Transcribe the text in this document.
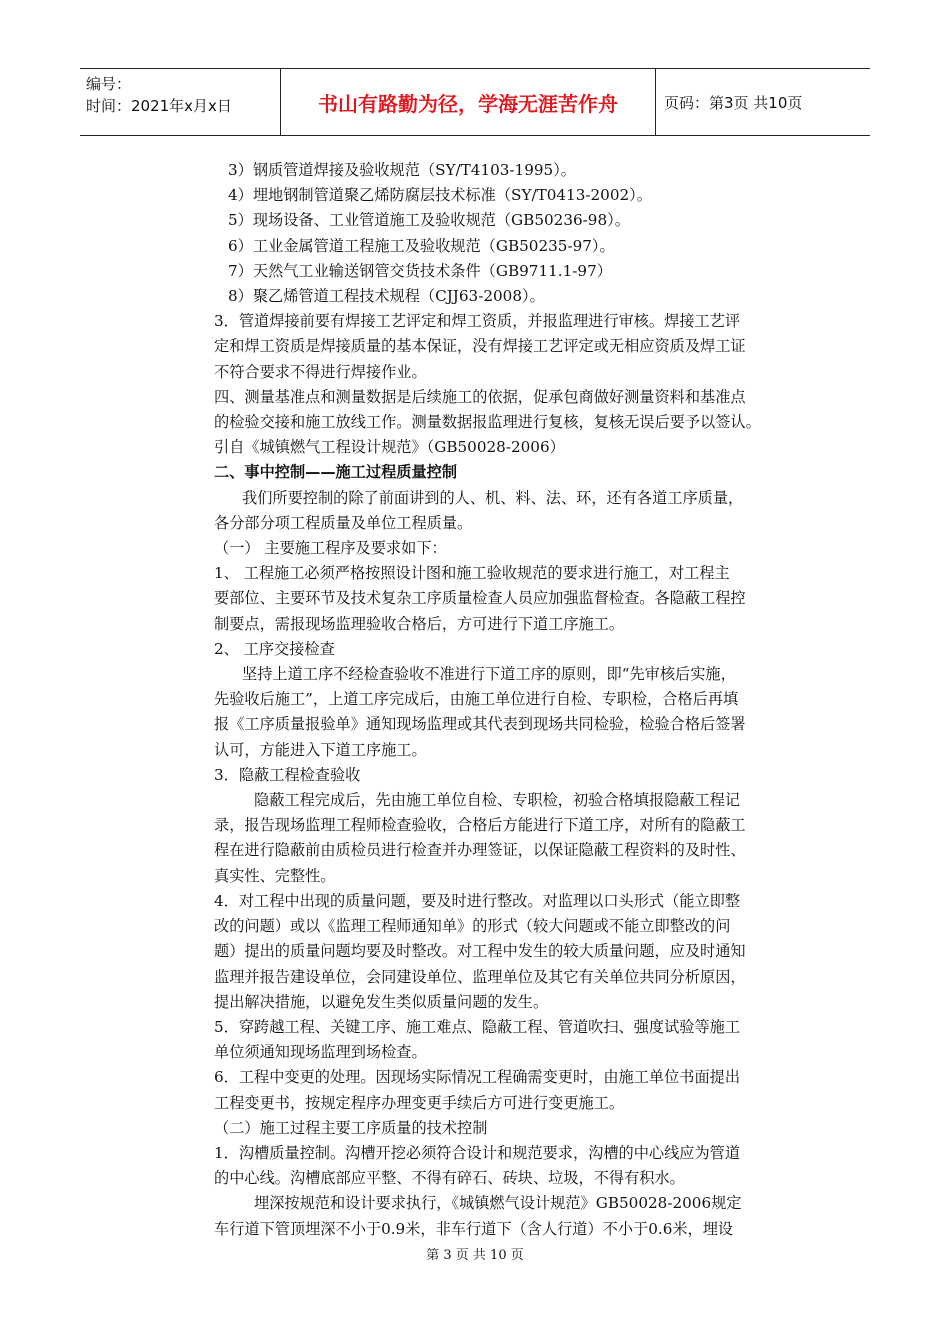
编号：
时间：2021年x月x日	书山有路勤为径，学海无涯苦作舟	页码：第3页 共10页

3）钢质管道焊接及验收规范（SY/T4103-1995）。

4）埋地钢制管道聚乙烯防腐层技术标准（SY/T0413-2002）。

5）现场设备、工业管道施工及验收规范（GB50236-98）。

6）工业金属管道工程施工及验收规范（GB50235-97）。

7）天然气工业输送钢管交货技术条件（GB9711.1-97）

8）聚乙烯管道工程技术规程（CJJ63-2008）。

3．管道焊接前要有焊接工艺评定和焊工资质，并报监理进行审核。焊接工艺评

定和焊工资质是焊接质量的基本保证，没有焊接工艺评定或无相应资质及焊工证

不符合要求不得进行焊接作业。

四、测量基准点和测量数据是后续施工的依据，促承包商做好测量资料和基准点

的检验交接和施工放线工作。测量数据报监理进行复核，复核无误后要予以签认。

引自《城镇燃气工程设计规范》（GB50028-2006）

二、事中控制——施工过程质量控制

我们所要控制的除了前面讲到的人、机、料、法、环，还有各道工序质量，

各分部分项工程质量及单位工程质量。

（一） 主要施工程序及要求如下：

1、 工程施工必须严格按照设计图和施工验收规范的要求进行施工，对工程主

要部位、主要环节及技术复杂工序质量检查人员应加强监督检查。各隐蔽工程控

制要点，需报现场监理验收合格后，方可进行下道工序施工。

2、 工序交接检查

坚持上道工序不经检查验收不准进行下道工序的原则，即“先审核后实施，

先验收后施工”，上道工序完成后，由施工单位进行自检、专职检，合格后再填

报《工序质量报验单》通知现场监理或其代表到现场共同检验，检验合格后签署

认可，方能进入下道工序施工。

3．隐蔽工程检查验收

隐蔽工程完成后，先由施工单位自检、专职检，初验合格填报隐蔽工程记

录，报告现场监理工程师检查验收，合格后方能进行下道工序，对所有的隐蔽工

程在进行隐蔽前由质检员进行检查并办理签证，以保证隐蔽工程资料的及时性、

真实性、完整性。

4．对工程中出现的质量问题，要及时进行整改。对监理以口头形式（能立即整

改的问题）或以《监理工程师通知单》的形式（较大问题或不能立即整改的问

题）提出的质量问题均要及时整改。对工程中发生的较大质量问题，应及时通知

监理并报告建设单位，会同建设单位、监理单位及其它有关单位共同分析原因，

提出解决措施，以避免发生类似质量问题的发生。

5．穿跨越工程、关键工序、施工难点、隐蔽工程、管道吹扫、强度试验等施工

单位须通知现场监理到场检查。

6．工程中变更的处理。因现场实际情况工程确需变更时，由施工单位书面提出

工程变更书，按规定程序办理变更手续后方可进行变更施工。

（二）施工过程主要工序质量的技术控制

1．沟槽质量控制。沟槽开挖必须符合设计和规范要求，沟槽的中心线应为管道

的中心线。沟槽底部应平整、不得有碎石、砖块、垃圾，不得有积水。

埋深按规范和设计要求执行，《城镇燃气设计规范》GB50028-2006规定

车行道下管顶埋深不小于0.9米，非车行道下（含人行道）不小于0.6米，埋设

第 3 页 共 10 页
